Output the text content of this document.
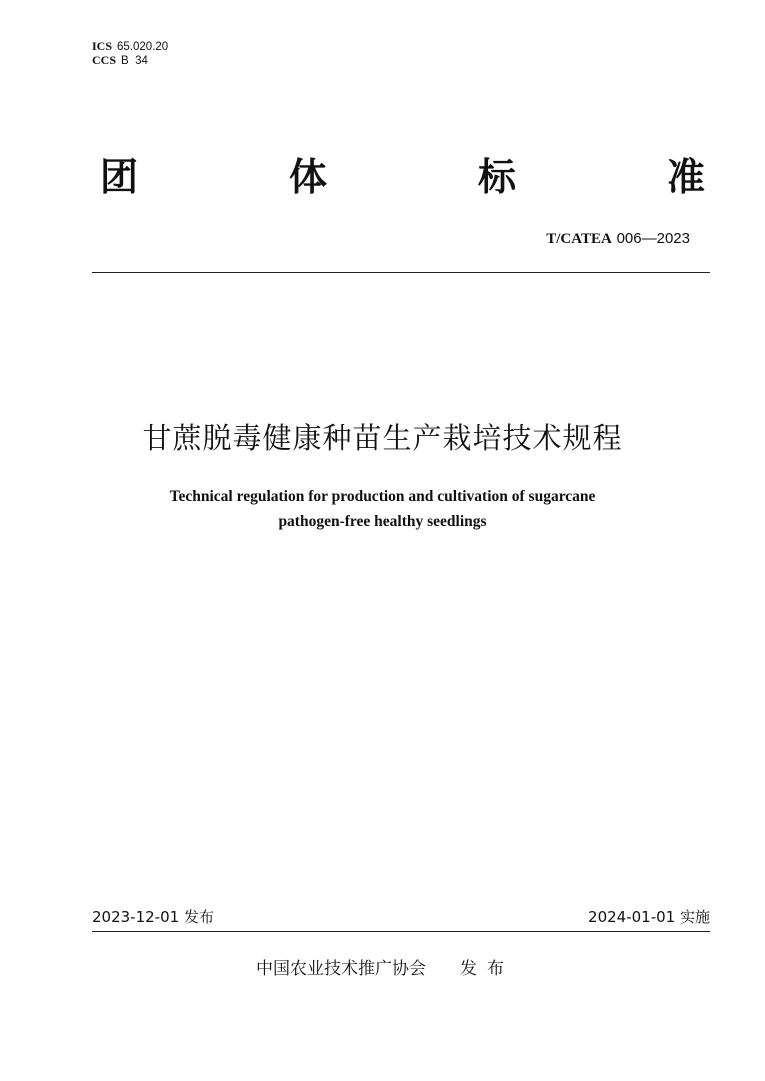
ICS 65.020.20
CCS B  34
团	体	标	准
T/CATEA 006—2023
甘蔗脱毒健康种苗生产栽培技术规程
Technical regulation for production and cultivation of sugarcane
pathogen-free healthy seedlings
2023-12-01 发布	2024-01-01 实施
中国农业技术推广协会 发布
